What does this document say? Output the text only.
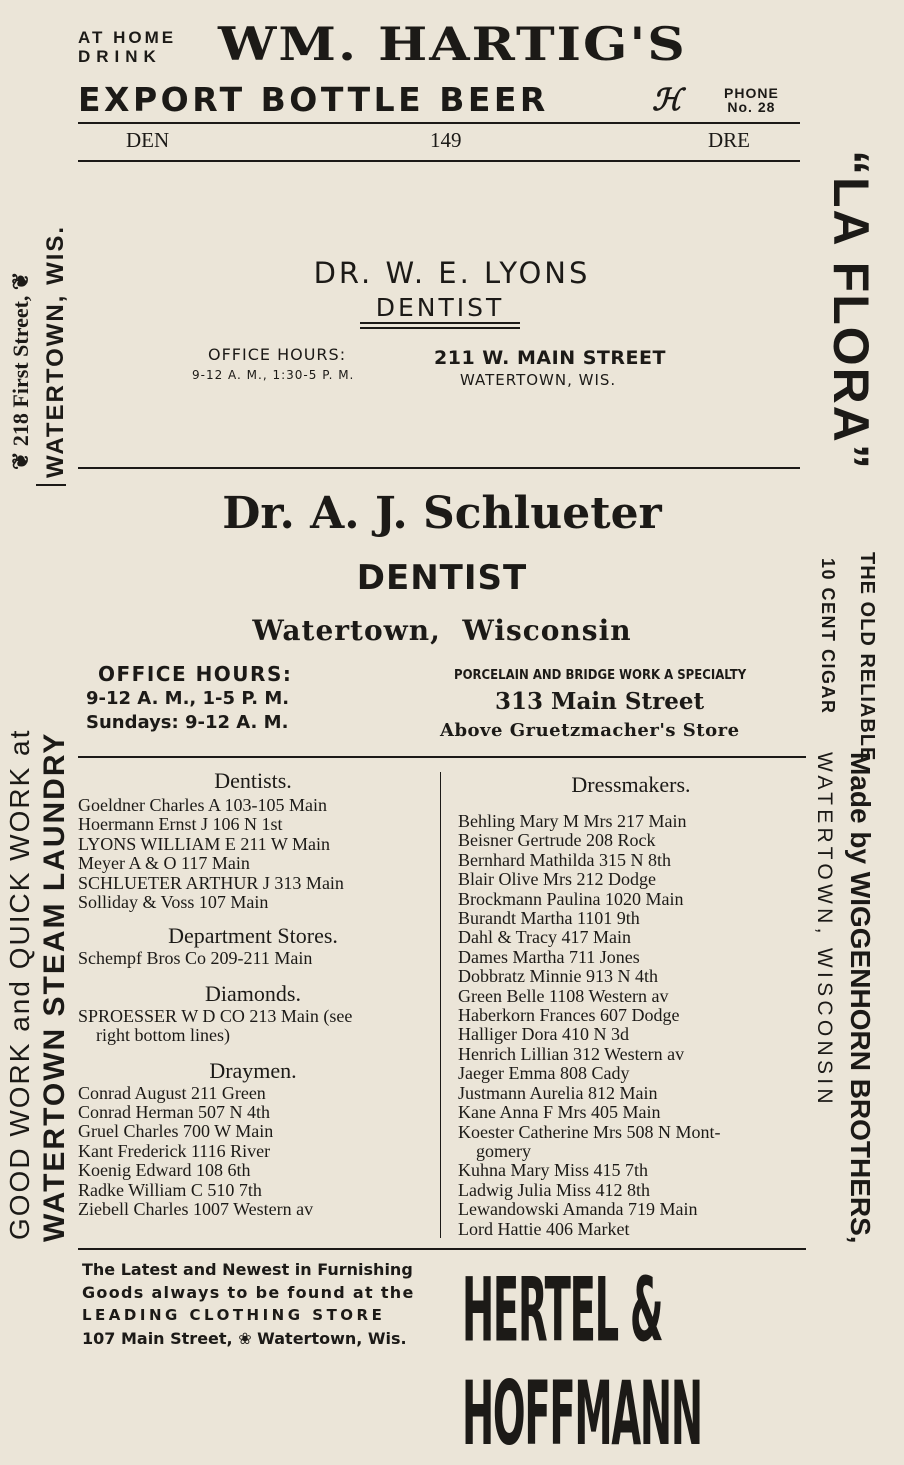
AT HOME
DRINK WM. HARTIG'S
EXPORT BOTTLE BEER	ℋ	PHONE
No. 28
DEN	149	DRE
DR. W. E. LYONS
DENTIST
OFFICE HOURS:
9-12 A. M., 1:30-5 P. M.
211 W. MAIN STREET
WATERTOWN, WIS.
Dr. A. J. Schlueter
DENTIST
Watertown,  Wisconsin
OFFICE HOURS:
9-12 A. M., 1-5 P. M.
Sundays: 9-12 A. M.
PORCELAIN AND BRIDGE WORK A SPECIALTY
313 Main Street
Above Gruetzmacher's Store
Dentists.
Goeldner Charles A 103-105 Main
Hoermann Ernst J 106 N 1st
LYONS WILLIAM E 211 W Main
Meyer A & O 117 Main
SCHLUETER ARTHUR J 313 Main
Solliday & Voss 107 Main
Department Stores.
Schempf Bros Co 209-211 Main
Diamonds.
SPROESSER W D CO 213 Main (see
right bottom lines)
Draymen.
Conrad August 211 Green
Conrad Herman 507 N 4th
Gruel Charles 700 W Main
Kant Frederick 1116 River
Koenig Edward 108 6th
Radke William C 510 7th
Ziebell Charles 1007 Western av
Dressmakers.
Behling Mary M Mrs 217 Main
Beisner Gertrude 208 Rock
Bernhard Mathilda 315 N 8th
Blair Olive Mrs 212 Dodge
Brockmann Paulina 1020 Main
Burandt Martha 1101 9th
Dahl & Tracy 417 Main
Dames Martha 711 Jones
Dobbratz Minnie 913 N 4th
Green Belle 1108 Western av
Haberkorn Frances 607 Dodge
Halliger Dora 410 N 3d
Henrich Lillian 312 Western av
Jaeger Emma 808 Cady
Justmann Aurelia 812 Main
Kane Anna F Mrs 405 Main
Koester Catherine Mrs 508 N Mont-
gomery
Kuhna Mary Miss 415 7th
Ladwig Julia Miss 412 8th
Lewandowski Amanda 719 Main
Lord Hattie 406 Market
The Latest and Newest in Furnishing
Goods always to be found at the
LEADING CLOTHING STORE
107 Main Street, ❀ Watertown, Wis. HERTEL & HOFFMANN
GOOD WORK and QUICK WORK at WATERTOWN STEAM LAUNDRY
❦ 218 First Street, ❦ WATERTOWN, WIS.	“LA FLORA”
THE OLD RELIABLE
10 CENT CIGAR
Made by WIGGENHORN BROTHERS,
WATERTOWN, WISCONSIN
